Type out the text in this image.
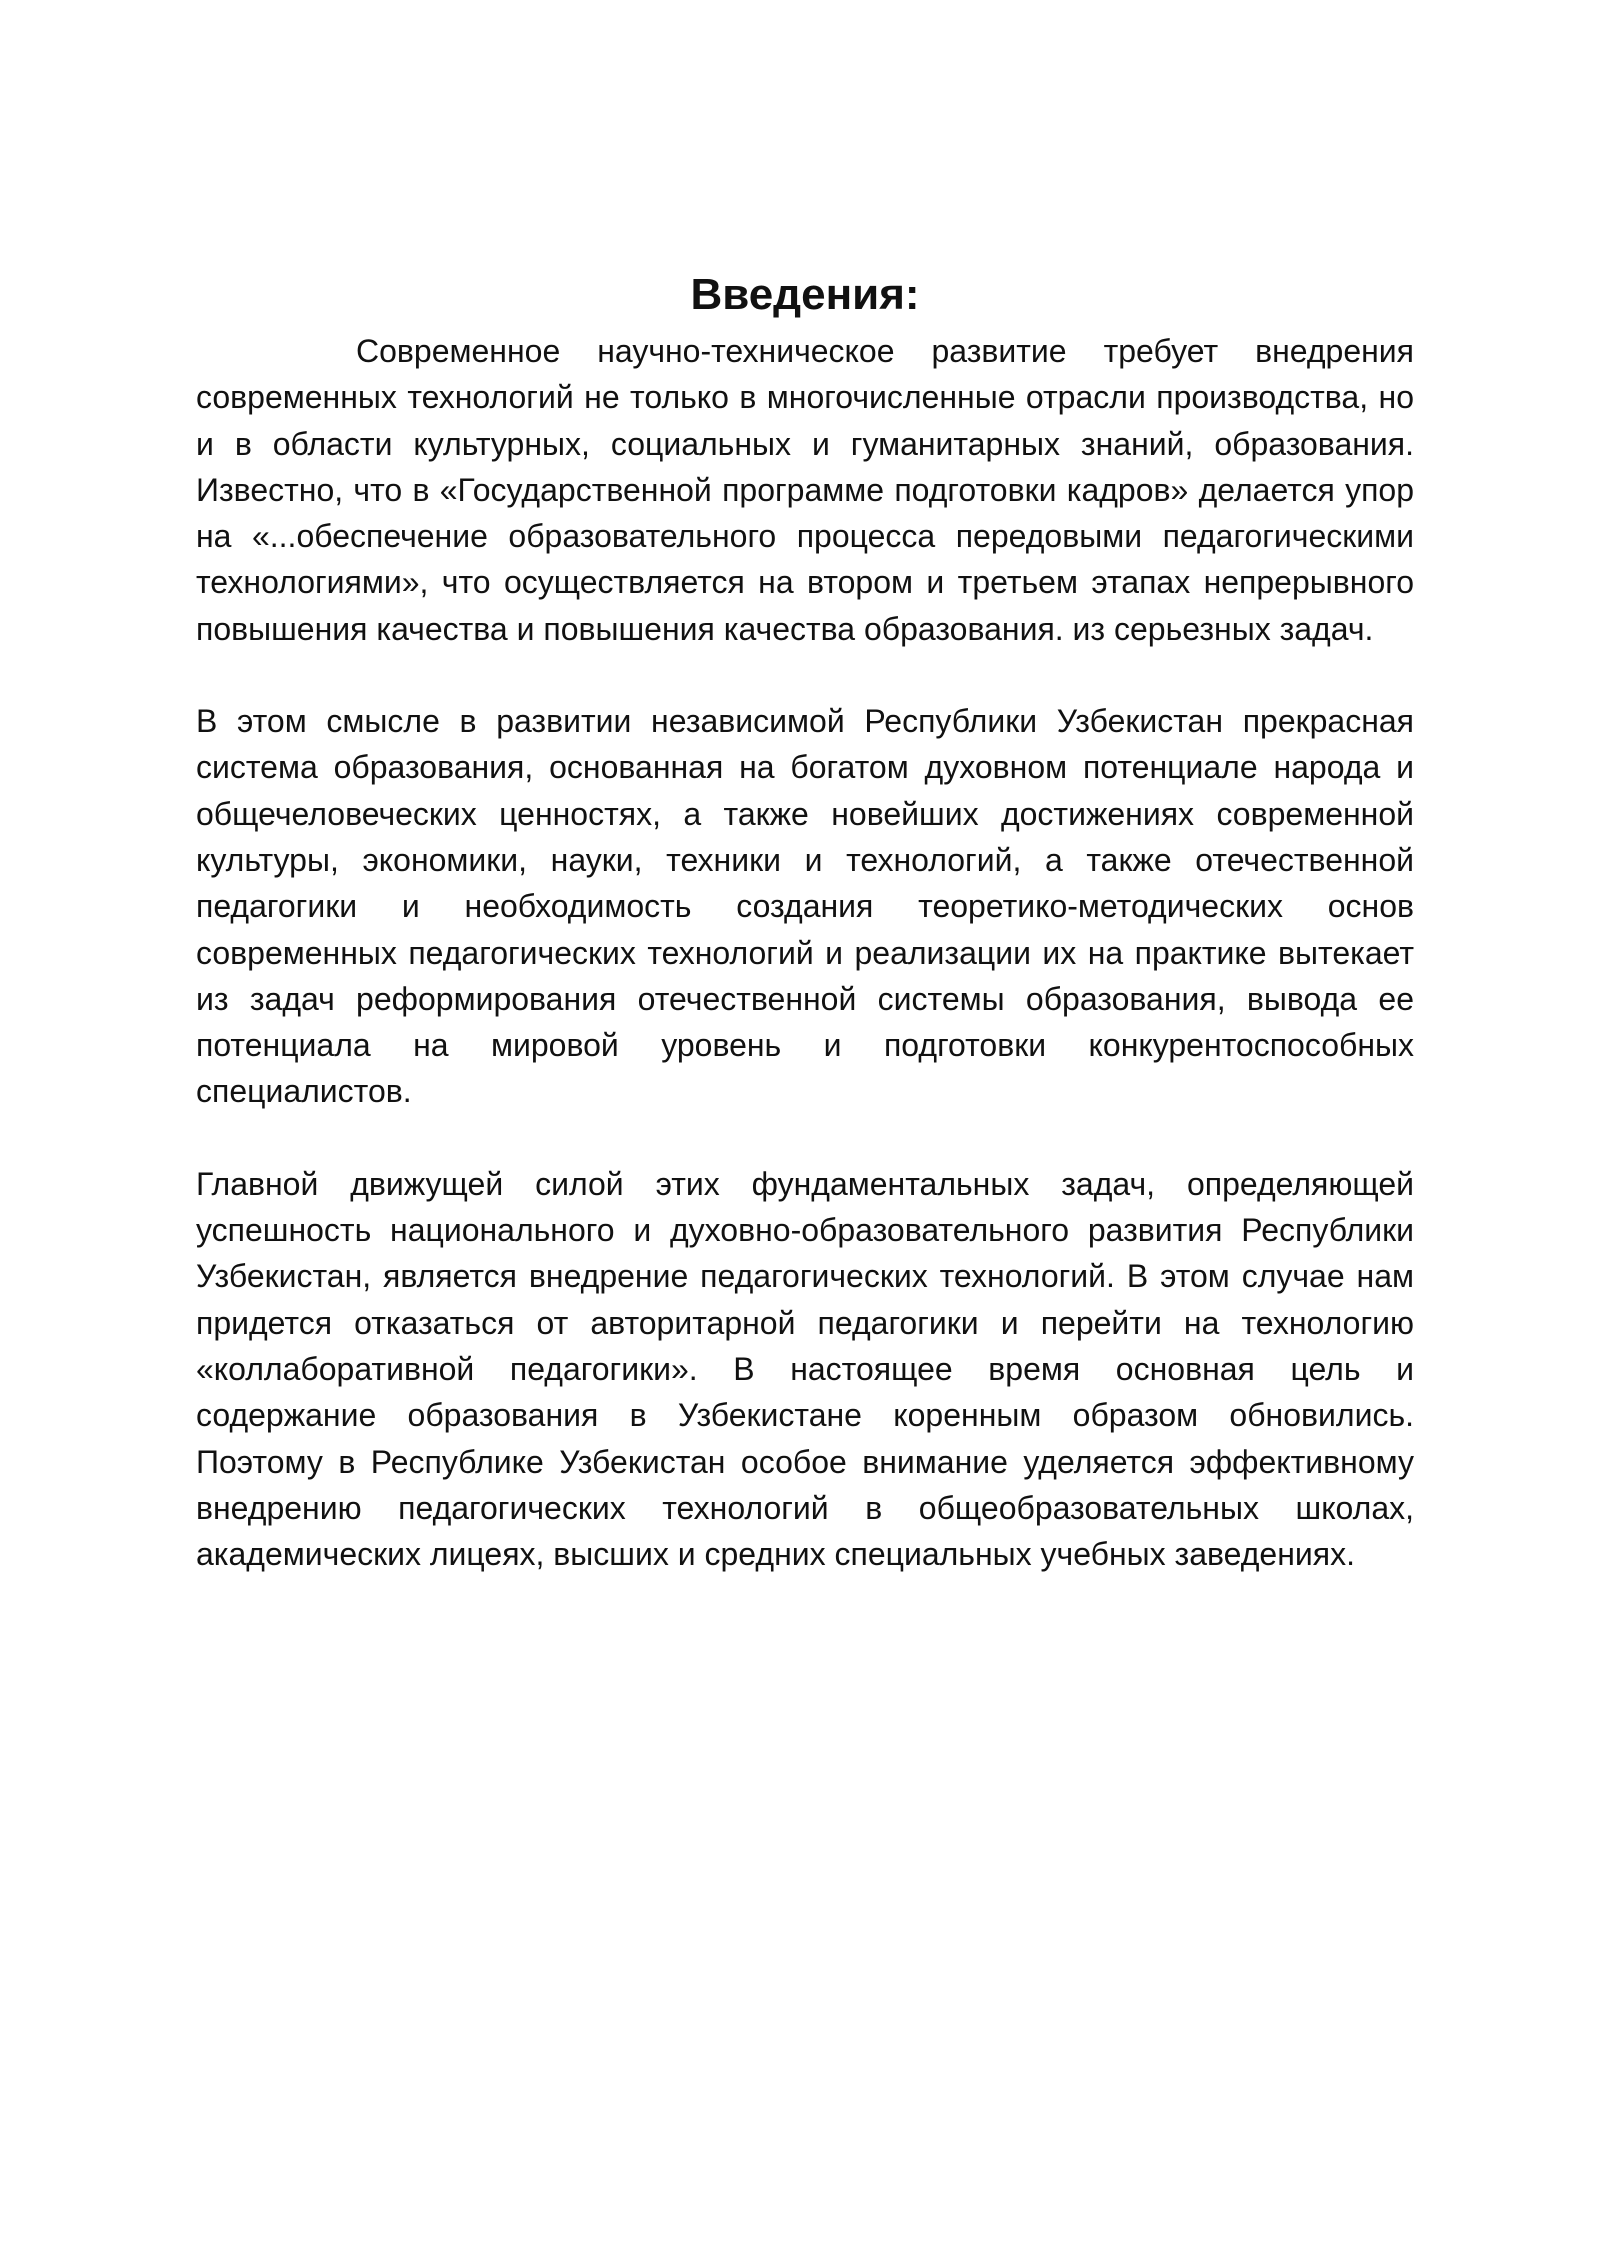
Введения:

Современное научно-техническое развитие требует внедрения современных технологий не только в многочисленные отрасли производства, но и в области культурных, социальных и гуманитарных знаний, образования. Известно, что в «Государственной программе подготовки кадров» делается упор на «...обеспечение образовательного процесса передовыми педагогическими технологиями», что осуществляется на втором и третьем этапах непрерывного повышения качества и повышения качества образования. из серьезных задач.

В этом смысле в развитии независимой Республики Узбекистан прекрасная система образования, основанная на богатом духовном потенциале народа и общечеловеческих ценностях, а также новейших достижениях современной культуры, экономики, науки, техники и технологий, а также отечественной педагогики и необходимость создания теоретико-методических основ современных педагогических технологий и реализации их на практике вытекает из задач реформирования отечественной системы образования, вывода ее потенциала на мировой уровень и подготовки конкурентоспособных специалистов.

Главной движущей силой этих фундаментальных задач, определяющей успешность национального и духовно-образовательного развития Республики Узбекистан, является внедрение педагогических технологий. В этом случае нам придется отказаться от авторитарной педагогики и перейти на технологию «коллаборативной педагогики». В настоящее время основная цель и содержание образования в Узбекистане коренным образом обновились. Поэтому в Республике Узбекистан особое внимание уделяется эффективному внедрению педагогических технологий в общеобразовательных школах, академических лицеях, высших и средних специальных учебных заведениях.
